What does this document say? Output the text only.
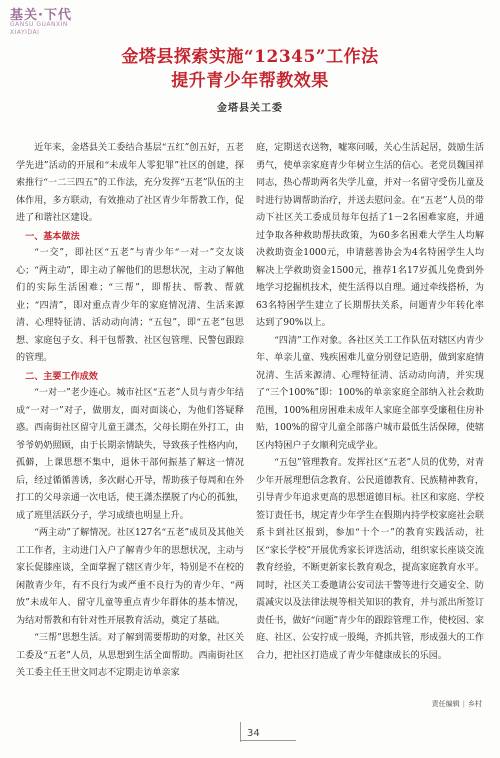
基关·下代
GANSU GUANXIN
XIAYIDAI
金塔县探索实施“12345”工作法
提升青少年帮教效果
金塔县关工委

近年来，金塔县关工委结合基层“五红”创五好，五老学先进”活动的开展和“未成年人零犯罪”社区的创建，探索推行“一二三四五”的工作法，充分发挥“五老”队伍的主体作用，多方联动，有效推动了社区青少年帮教工作，促进了和谐社区建设。

一、基本做法

“一交”，即社区“五老”与青少年“一对一”交友谈心；“两主动”，即主动了解他们的思想状况，主动了解他们的实际生活困难；“三帮”，即帮扶、帮教、帮就业；“四清”，即对重点青少年的家庭情况清、生活来源清、心理特征清、活动动向清；“五包”，即“五老”包思想、家庭包子女、科干包帮教、社区包管理、民警包跟踪的管理。

二、主要工作成效

“一对一”老少连心。城市社区“五老”人员与青少年结成“一对一”对子，做朋友，面对面谈心，为他们答疑释惑。西南街社区留守儿童王潇杰，父母长期在外打工，由爷爷奶奶照顾，由于长期亲情缺失，导致孩子性格内向，孤僻，上课思想不集中，退休干部何振基了解这一情况后，经过循循善诱，多次耐心开导，帮助孩子每周和在外打工的父母亲通一次电话，使王潇杰摆脱了内心的孤独，成了班里活跃分子，学习成绩也明显上升。

“两主动”了解情况。社区127名“五老”成员及其他关工工作者，主动进门入户了解青少年的思想状况，主动与家长促膝座谈，全面掌握了辖区青少年，特别是不在校的闲散青少年，有不良行为或严重不良行为的青少年、“两放”未成年人、留守儿童等重点青少年群体的基本情况，为结对帮教和有针对性开展教育活动，奠定了基础。

“三帮”思想生活。对了解到需要帮助的对象，社区关工委及“五老”人员，从思想到生活全面帮助。西南街社区关工委主任王世文同志不定期走访单亲家

庭，定期送衣送物，嘘寒问暖，关心生活起居，鼓励生活勇气，使单亲家庭青少年树立生活的信心。老党员魏国祥同志，热心帮助两名失学儿童，并对一名留守受伤儿童及时进行协调帮助治疗，并送去慰问金。在“五老”人员的带动下社区关工委成员每年包括了1－2名困难家庭，并通过争取各种救助帮扶政策，为60多名困难大学生人均解决救助资金1000元，申请慈善协会为4名特困学生人均解决上学救助资金1500元，推荐1名17岁孤儿免费到外地学习挖掘机技术，使生活得以自理。通过牵线搭桥，为63名特困学生建立了长期帮扶关系，问题青少年转化率达到了90%以上。

“四清”工作对象。各社区关工工作队伍对辖区内青少年、单亲儿童、残疾困难儿童分别登记造册，做到家庭情况清、生活来源清、心理特征清、活动动向清，并实现了“三个100%”即：100%的单亲家庭全部纳入社会救助范围，100%租房困难未成年人家庭全部享受廉租住房补贴，100%的留守儿童全部落户城市最低生活保障，使辖区内特困户子女顺利完成学业。

“五包”管理教育。发挥社区“五老”人员的优势，对青少年开展理想信念教育、公民道德教育、民族精神教育，引导青少年追求更高的思想道德目标。社区和家庭、学校签订责任书，规定青少年学生在假期内持学校家庭社会联系卡到社区报到，参加“十个一”的教育实践活动，社区“家长学校”开展优秀家长评选活动，组织家长座谈交流教育经验，不断更新家长教育观念，提高家庭教育水平。同时，社区关工委邀请公安司法干警等进行交通安全、防震减灾以及法律法规等相关知识的教育，并与派出所签订责任书，做好“问题”青少年的跟踪管理工作，使校园、家庭、社区、公安拧成一股绳，齐抓共管，形成强大的工作合力，把社区打造成了青少年健康成长的乐园。

责任编辑 | 乡村
34
